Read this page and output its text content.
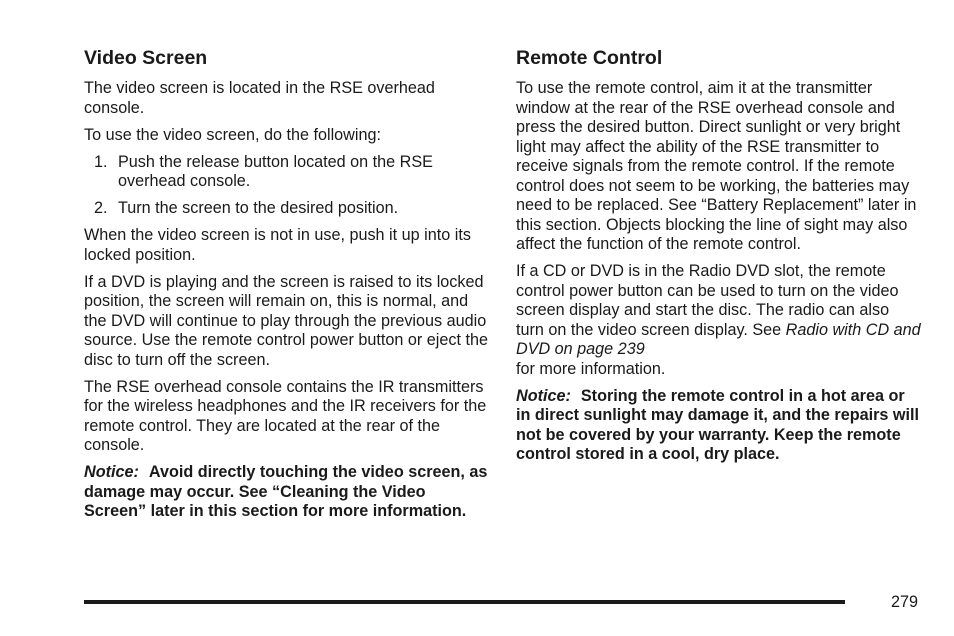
Video Screen

The video screen is located in the RSE overhead console.

To use the video screen, do the following:

1. Push the release button located on the RSE overhead console.
2. Turn the screen to the desired position.

When the video screen is not in use, push it up into its locked position.

If a DVD is playing and the screen is raised to its locked position, the screen will remain on, this is normal, and the DVD will continue to play through the previous audio source. Use the remote control power button or eject the disc to turn off the screen.

The RSE overhead console contains the IR transmitters for the wireless headphones and the IR receivers for the remote control. They are located at the rear of the console.

Notice: Avoid directly touching the video screen, as damage may occur. See “Cleaning the Video Screen” later in this section for more information.

Remote Control

To use the remote control, aim it at the transmitter window at the rear of the RSE overhead console and press the desired button. Direct sunlight or very bright light may affect the ability of the RSE transmitter to receive signals from the remote control. If the remote control does not seem to be working, the batteries may need to be replaced. See “Battery Replacement” later in this section. Objects blocking the line of sight may also affect the function of the remote control.

If a CD or DVD is in the Radio DVD slot, the remote control power button can be used to turn on the video screen display and start the disc. The radio can also turn on the video screen display. See Radio with CD and DVD on page 239
for more information.

Notice: Storing the remote control in a hot area or in direct sunlight may damage it, and the repairs will not be covered by your warranty. Keep the remote control stored in a cool, dry place.

279
